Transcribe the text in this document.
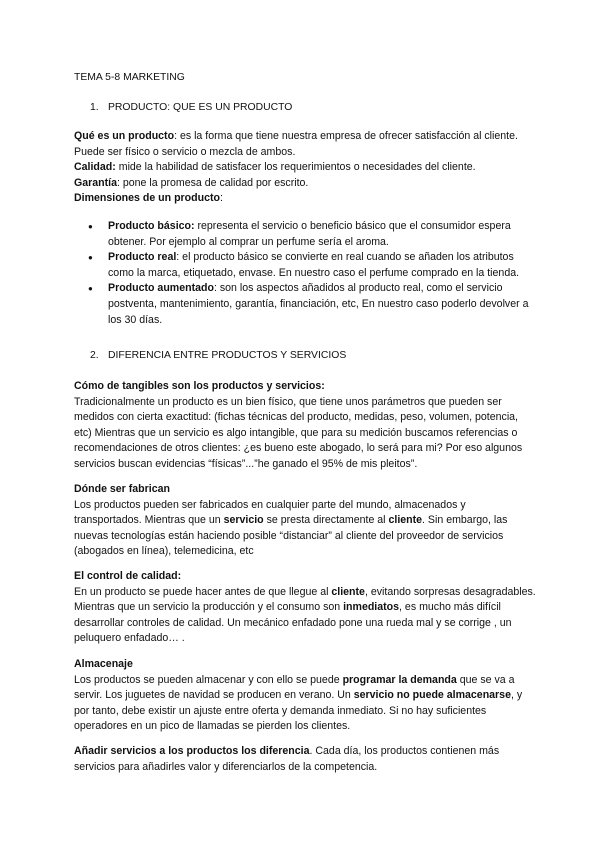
TEMA 5-8 MARKETING
1. PRODUCTO: QUE ES UN PRODUCTO

Qué es un producto: es la forma que tiene nuestra empresa de ofrecer satisfacción al cliente. Puede ser físico o servicio o mezcla de ambos.

Calidad: mide la habilidad de satisfacer los requerimientos o necesidades del cliente.

Garantía: pone la promesa de calidad por escrito.

Dimensiones de un producto:

● Producto básico: representa el servicio o beneficio básico que el consumidor espera obtener. Por ejemplo al comprar un perfume sería el aroma.
● Producto real: el producto básico se convierte en real cuando se añaden los atributos como la marca, etiquetado, envase. En nuestro caso el perfume comprado en la tienda.
● Producto aumentado: son los aspectos añadidos al producto real, como el servicio postventa, mantenimiento, garantía, financiación, etc, En nuestro caso poderlo devolver a los 30 días.
2. DIFERENCIA ENTRE PRODUCTOS Y SERVICIOS

Cómo de tangibles son los productos y servicios:

Tradicionalmente un producto es un bien físico, que tiene unos parámetros que pueden ser medidos con cierta exactitud: (fichas técnicas del producto, medidas, peso, volumen, potencia, etc) Mientras que un servicio es algo intangible, que para su medición buscamos referencias o recomendaciones de otros clientes: ¿es bueno este abogado, lo será para mi? Por eso algunos servicios buscan evidencias “físicas”...”he ganado el 95% de mis pleitos”.

Dónde ser fabrican

Los productos pueden ser fabricados en cualquier parte del mundo, almacenados y transportados. Mientras que un servicio se presta directamente al cliente. Sin embargo, las nuevas tecnologías están haciendo posible “distanciar” al cliente del proveedor de servicios (abogados en línea), telemedicina, etc

El control de calidad:

En un producto se puede hacer antes de que llegue al cliente, evitando sorpresas desagradables. Mientras que un servicio la producción y el consumo son inmediatos, es mucho más difícil desarrollar controles de calidad. Un mecánico enfadado pone una rueda mal y se corrige , un peluquero enfadado… .

Almacenaje

Los productos se pueden almacenar y con ello se puede programar la demanda que se va a servir. Los juguetes de navidad se producen en verano. Un servicio no puede almacenarse, y por tanto, debe existir un ajuste entre oferta y demanda inmediato. Si no hay suficientes operadores en un pico de llamadas se pierden los clientes.

Añadir servicios a los productos los diferencia. Cada día, los productos contienen más servicios para añadirles valor y diferenciarlos de la competencia.
